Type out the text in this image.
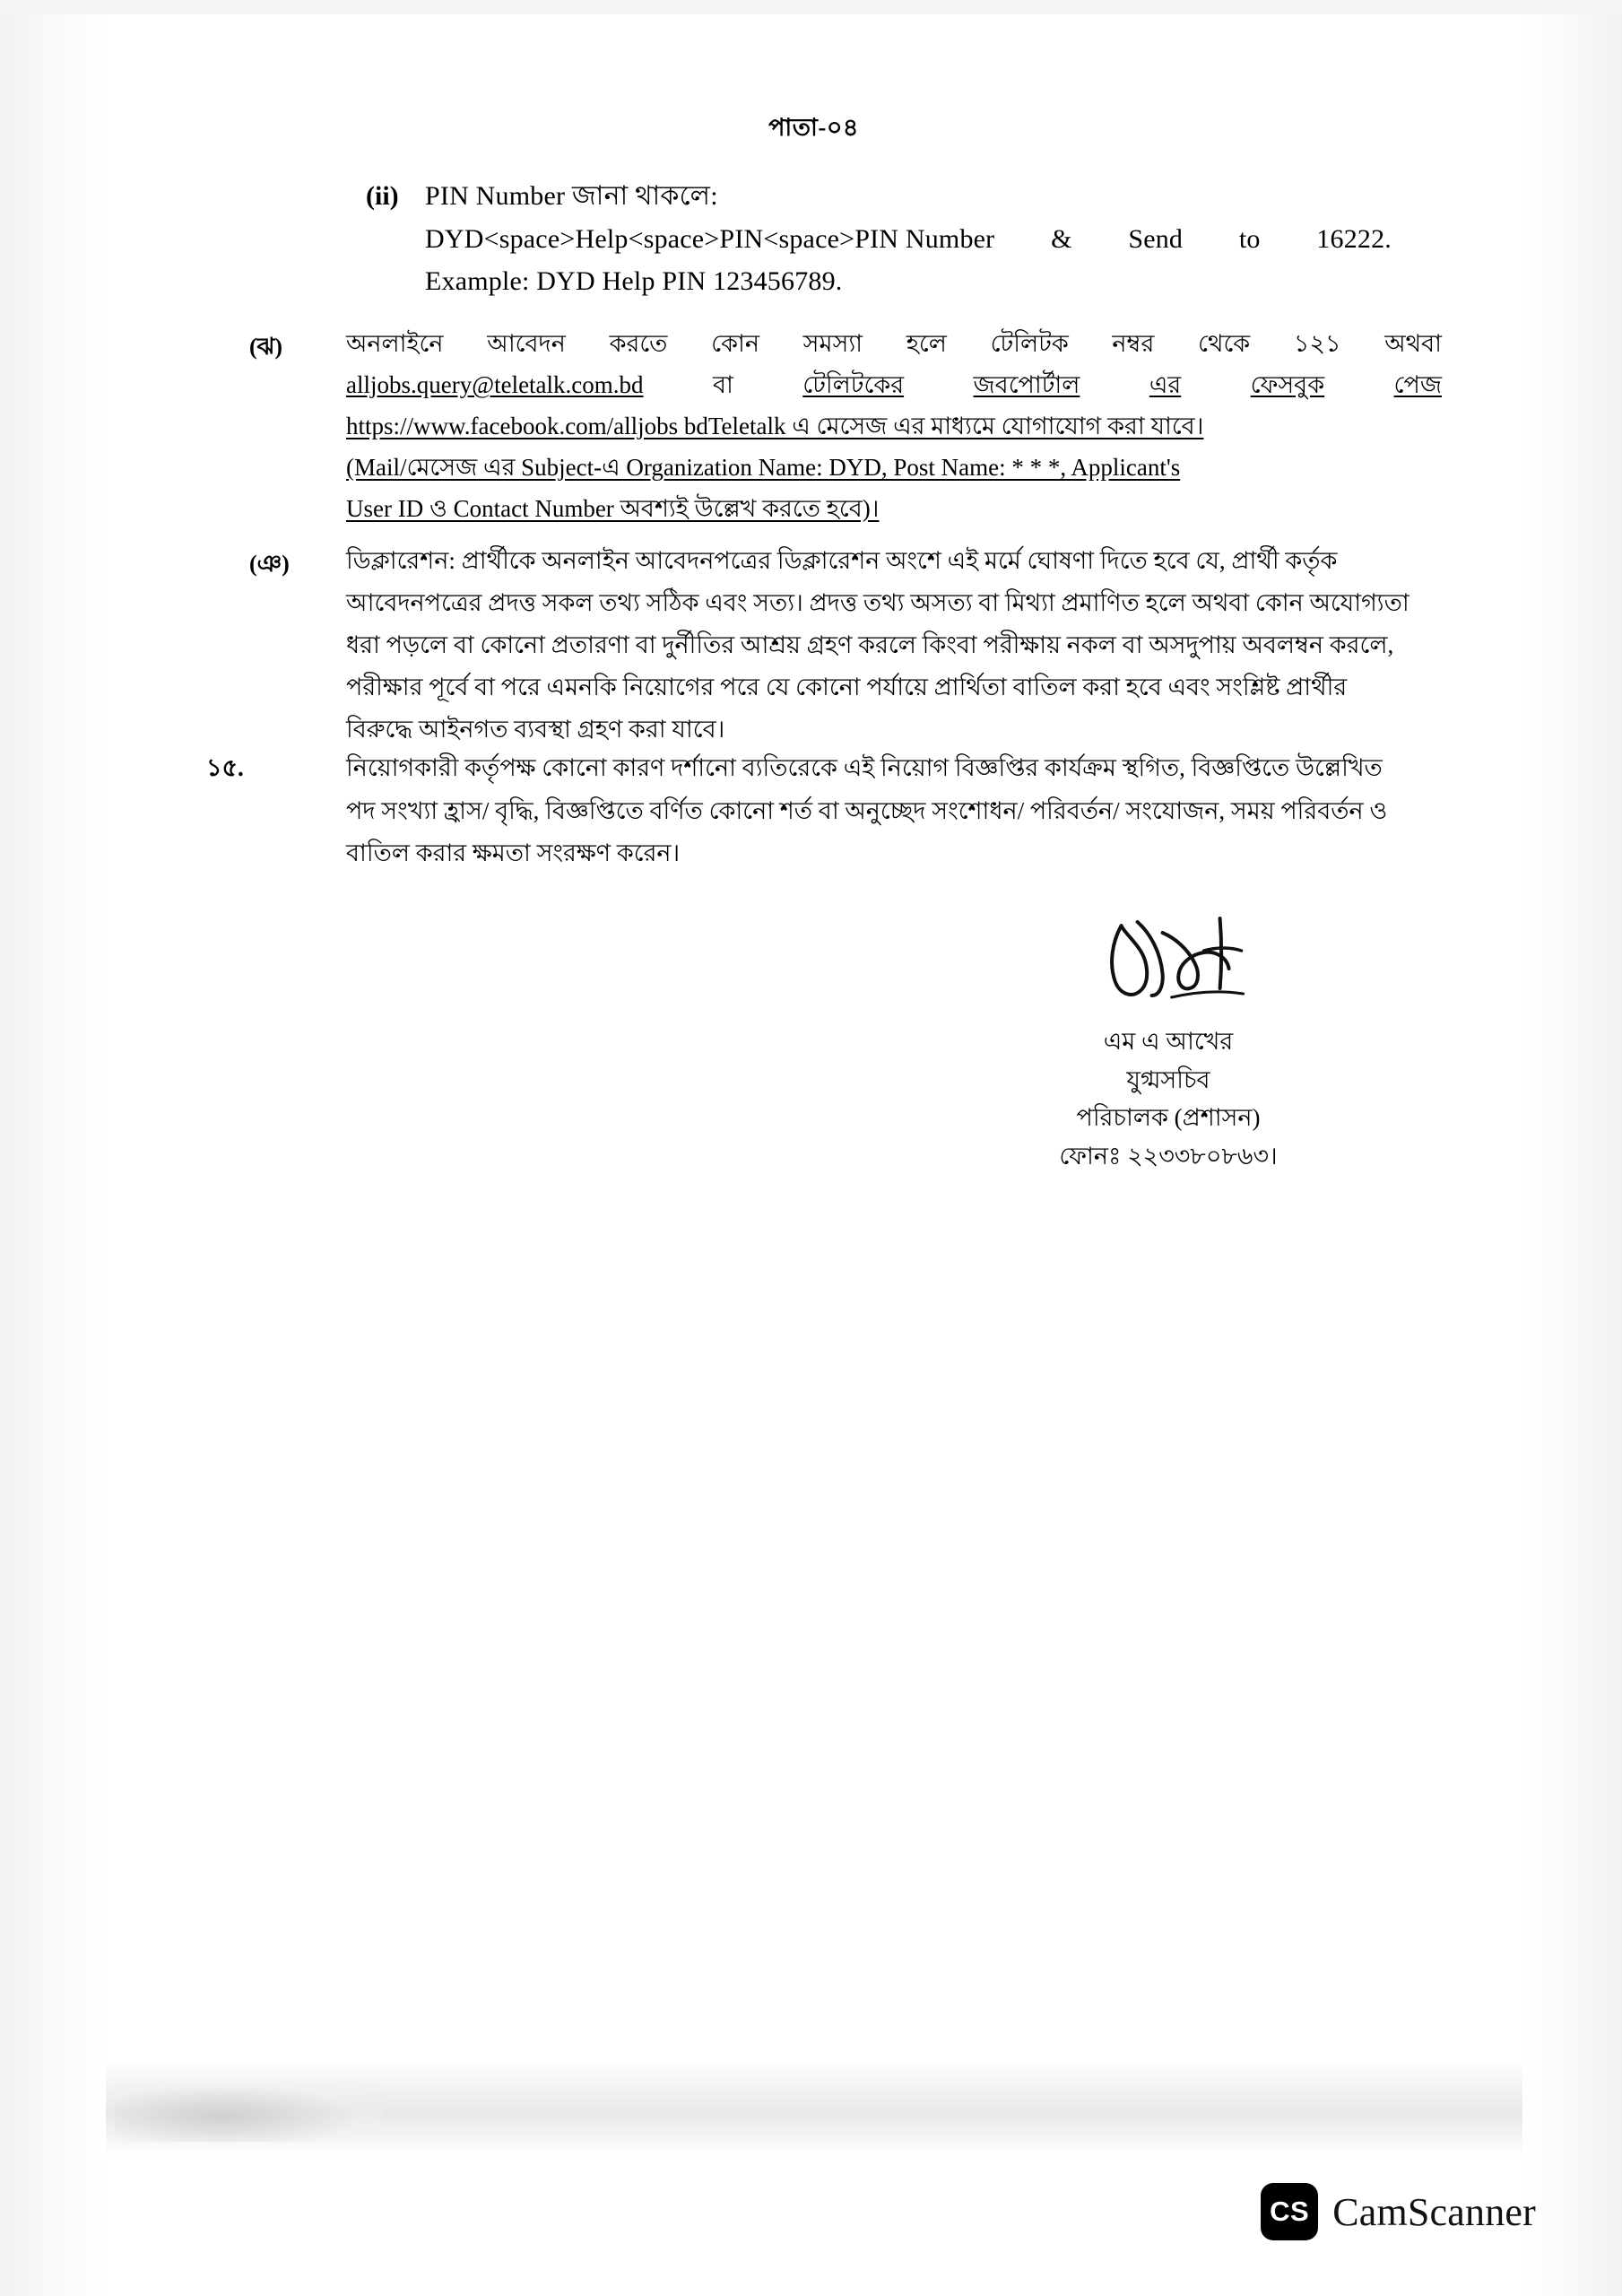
পাতা-০৪
(ii) PIN Number জানা থাকলে:
DYD<space>Help<space>PIN<space>PIN Number & Send to 16222.
Example: DYD Help PIN 123456789.
(ঝ)	অনলাইনে আবেদন করতে কোন সমস্যা হলে টেলিটক নম্বর থেকে ১২১ অথবা
alljobs.query@teletalk.com.bd	বা	টেলিটকের	জবপোর্টাল	এর	ফেসবুক	পেজ
https://www.facebook.com/alljobs bdTeletalk এ মেসেজ এর মাধ্যমে যোগাযোগ করা যাবে।
(Mail/মেসেজ এর Subject-এ Organization Name: DYD, Post Name: * * *, Applicant's
User ID ও Contact Number অবশ্যই উল্লেখ করতে হবে)।
(ঞ)	ডিক্লারেশন: প্রার্থীকে অনলাইন আবেদনপত্রের ডিক্লারেশন অংশে এই মর্মে ঘোষণা দিতে হবে যে, প্রার্থী কর্তৃক
আবেদনপত্রের প্রদত্ত সকল তথ্য সঠিক এবং সত্য। প্রদত্ত তথ্য অসত্য বা মিথ্যা প্রমাণিত হলে অথবা কোন অযোগ্যতা
ধরা পড়লে বা কোনো প্রতারণা বা দুর্নীতির আশ্রয় গ্রহণ করলে কিংবা পরীক্ষায় নকল বা অসদুপায় অবলম্বন করলে,
পরীক্ষার পূর্বে বা পরে এমনকি নিয়োগের পরে যে কোনো পর্যায়ে প্রার্থিতা বাতিল করা হবে এবং সংশ্লিষ্ট প্রার্থীর
বিরুদ্ধে আইনগত ব্যবস্থা গ্রহণ করা যাবে।
১৫.	নিয়োগকারী কর্তৃপক্ষ কোনো কারণ দর্শানো ব্যতিরেকে এই নিয়োগ বিজ্ঞপ্তির কার্যক্রম স্থগিত, বিজ্ঞপ্তিতে উল্লেখিত
পদ সংখ্যা হ্রাস/ বৃদ্ধি, বিজ্ঞপ্তিতে বর্ণিত কোনো শর্ত বা অনুচ্ছেদ সংশোধন/ পরিবর্তন/ সংযোজন, সময় পরিবর্তন ও
বাতিল করার ক্ষমতা সংরক্ষণ করেন।
এম এ আখের
যুগ্মসচিব
পরিচালক (প্রশাসন)
ফোনঃ ২২৩৩৮০৮৬৩।
CS CamScanner
